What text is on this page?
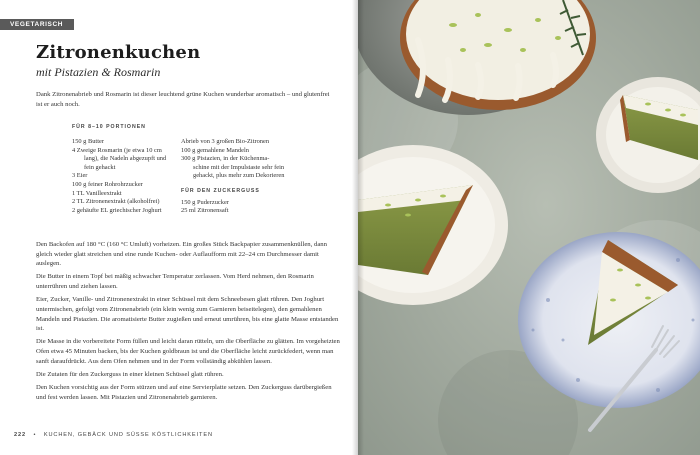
VEGETARISCH
Zitronenkuchen
mit Pistazien & Rosmarin
Dank Zitronenabrieb und Rosmarin ist dieser leuchtend grüne Kuchen wunderbar aromatisch – und glutenfrei ist er auch noch.
FÜR 8–10 PORTIONEN
150 g Butter
4 Zweige Rosmarin (je etwa 10 cm
lang), die Nadeln abgezupft und
fein gehackt
3 Eier
100 g feiner Rohrohrzucker
1 TL Vanilleextrakt
2 TL Zitronenextrakt (alkoholfrei)
2 gehäufte EL griechischer Joghurt
Abrieb von 3 großen Bio-Zitronen
100 g gemahlene Mandeln
300 g Pistazien, in der Küchenma-
schine mit der Impulstaste sehr fein
gehackt, plus mehr zum Dekorieren
FÜR DEN ZUCKERGUSS
150 g Puderzucker
25 ml Zitronensaft

Den Backofen auf 180 °C (160 °C Umluft) vorheizen. Ein großes Stück Backpapier zusammenknüllen, dann gleich wieder glatt streichen und eine runde Kuchen- oder Auflaufform mit 22–24 cm Durchmesser damit auslegen.

Die Butter in einem Topf bei mäßig schwacher Temperatur zerlassen. Vom Herd nehmen, den Rosmarin unterrühren und ziehen lassen.

Eier, Zucker, Vanille- und Zitronenextrakt in einer Schüssel mit dem Schneebesen glatt rühren. Den Joghurt untermischen, gefolgt vom Zitronenabrieb (ein klein wenig zum Garnieren beiseitelegen), den gemahlenen Mandeln und Pistazien. Die aromatisierte Butter zugießen und erneut umrühren, bis eine glatte Masse entstanden ist.

Die Masse in die vorbereitete Form füllen und leicht daran rütteln, um die Oberfläche zu glätten. Im vorgeheizten Ofen etwa 45 Minuten backen, bis der Kuchen goldbraun ist und die Oberfläche leicht zurückfedert, wenn man sanft daraufdrückt. Aus dem Ofen nehmen und in der Form vollständig abkühlen lassen.

Die Zutaten für den Zuckerguss in einer kleinen Schüssel glatt rühren.

Den Kuchen vorsichtig aus der Form stürzen und auf eine Servierplatte setzen. Den Zuckerguss darübergießen und fest werden lassen. Mit Pistazien und Zitronenabrieb garnieren.

222 • KUCHEN, GEBÄCK UND SÜSSE KÖSTLICHKEITEN
